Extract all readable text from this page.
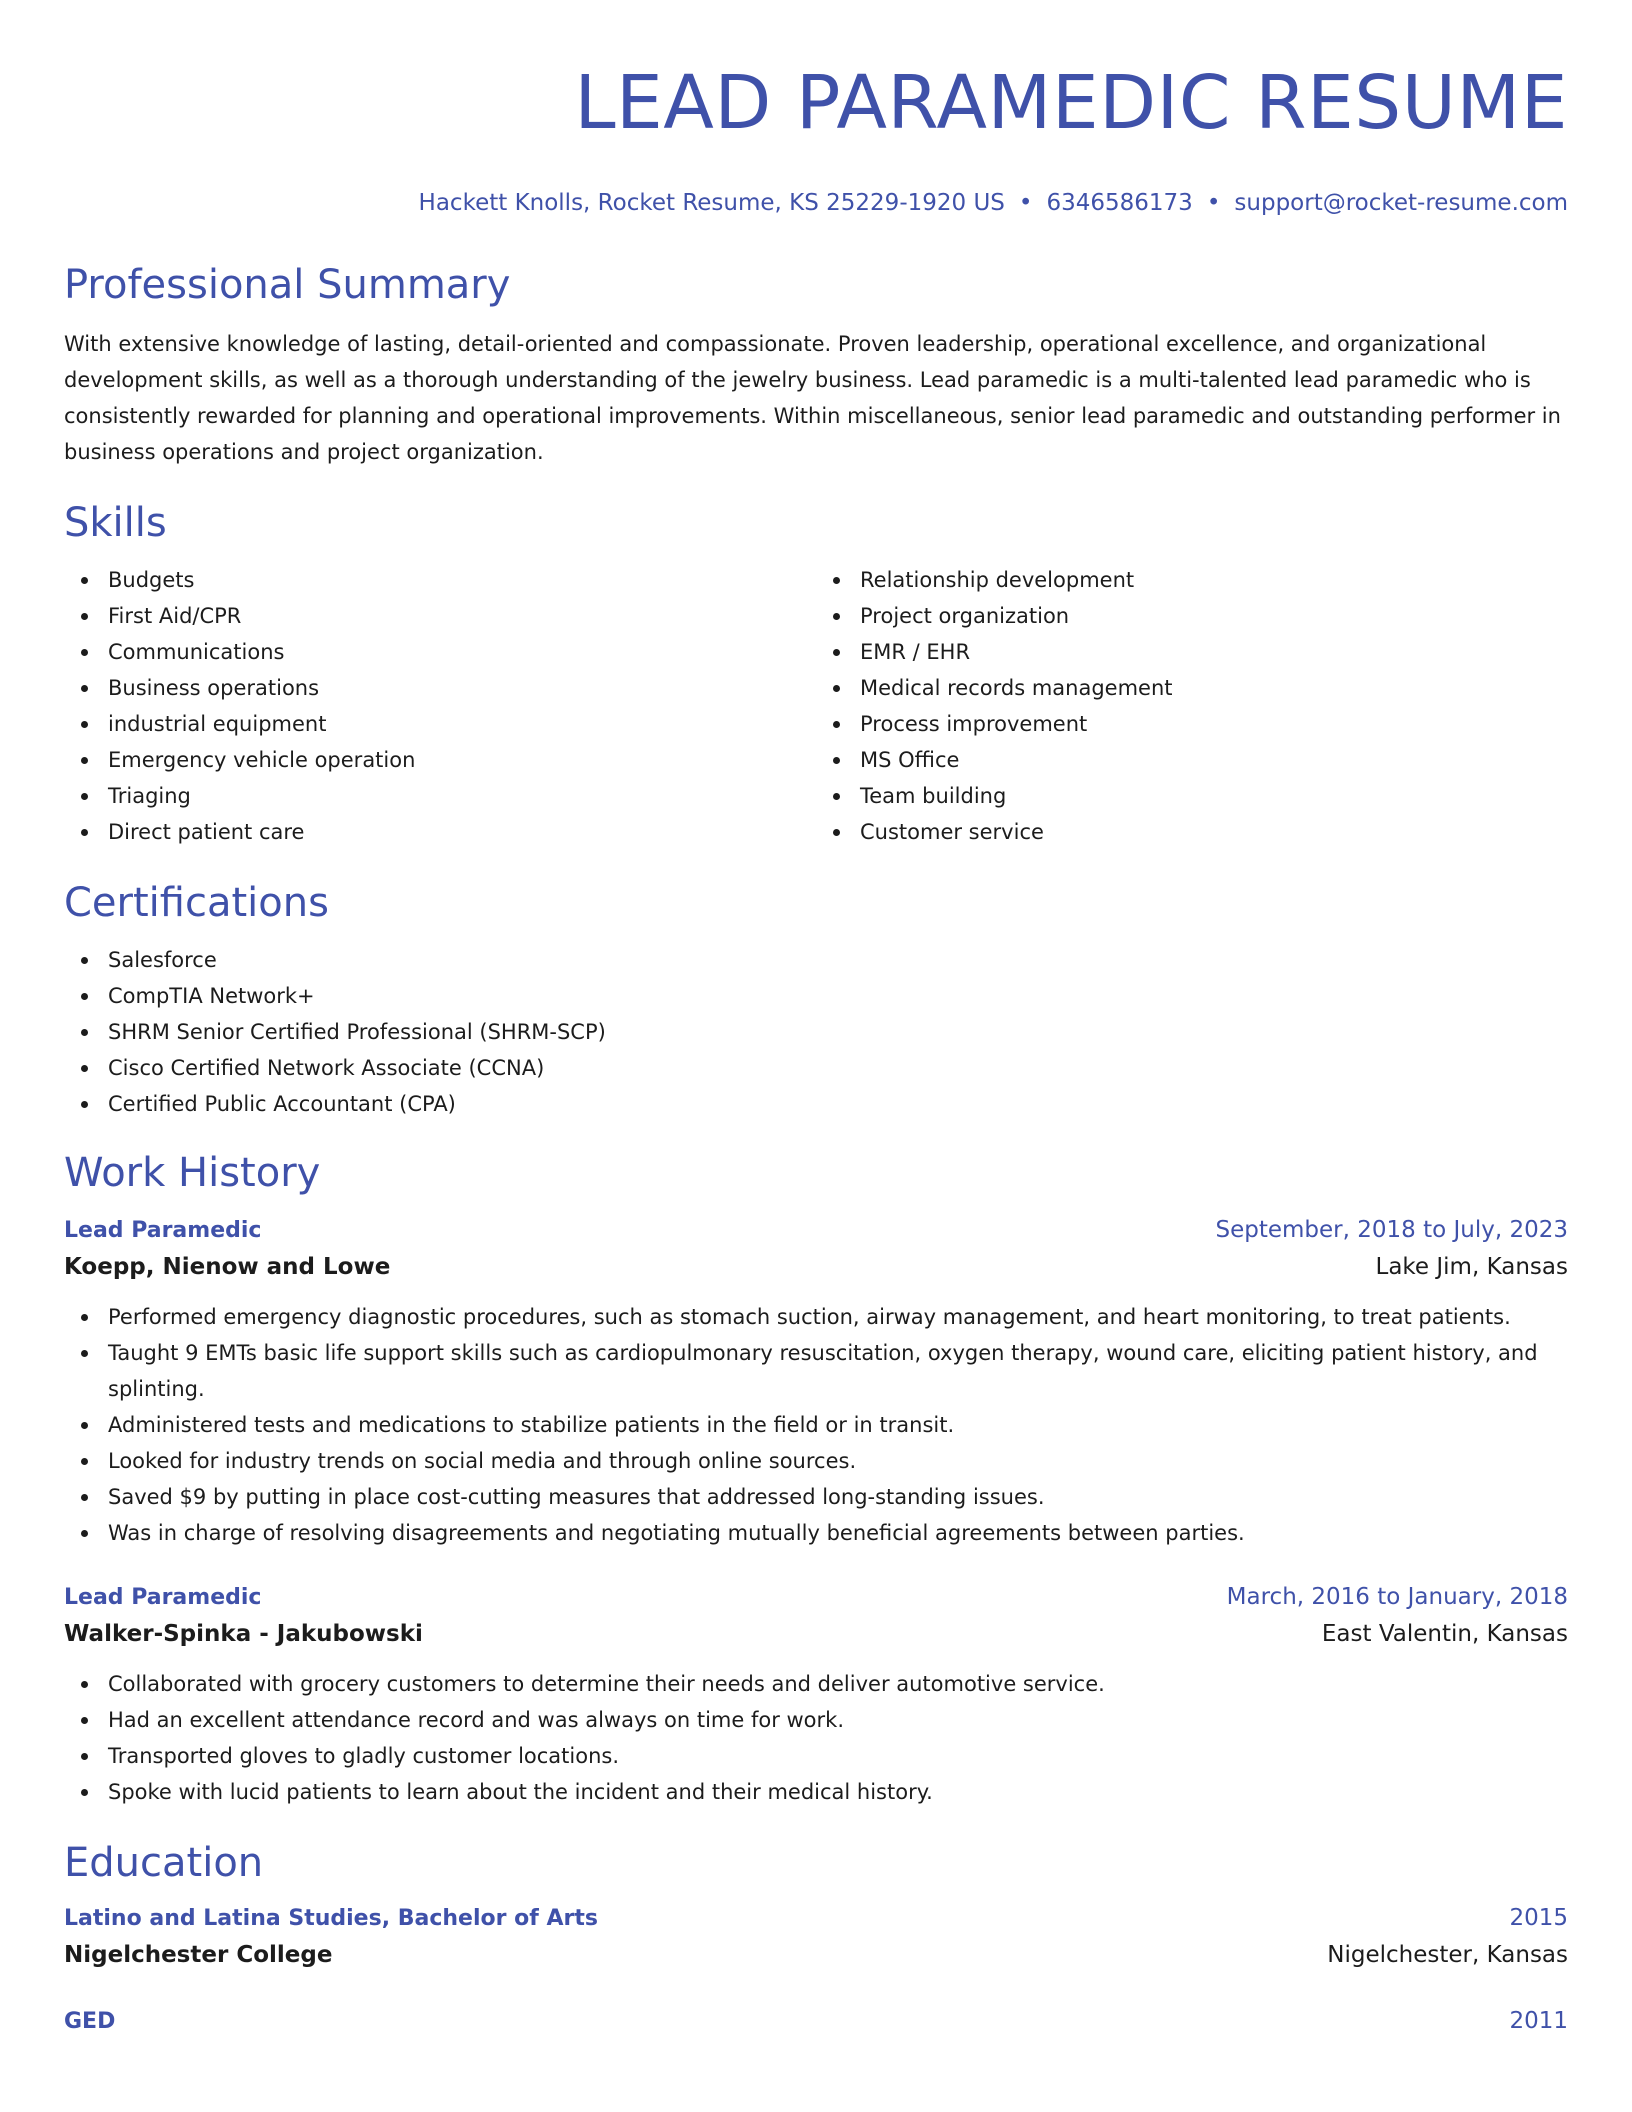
LEAD PARAMEDIC RESUME
Hackett Knolls, Rocket Resume, KS 25229-1920 US • 6346586173 • support@rocket-resume.com
Professional Summary
With extensive knowledge of lasting, detail-oriented and compassionate. Proven leadership, operational excellence, and organizational development skills, as well as a thorough understanding of the jewelry business. Lead paramedic is a multi-talented lead paramedic who is consistently rewarded for planning and operational improvements. Within miscellaneous, senior lead paramedic and outstanding performer in business operations and project organization.
Skills
Budgets
First Aid/CPR
Communications
Business operations
industrial equipment
Emergency vehicle operation
Triaging
Direct patient care
Relationship development
Project organization
EMR / EHR
Medical records management
Process improvement
MS Office
Team building
Customer service
Certifications
Salesforce
CompTIA Network+
SHRM Senior Certified Professional (SHRM-SCP)
Cisco Certified Network Associate (CCNA)
Certified Public Accountant (CPA)
Work History
Lead Paramedic	September, 2018 to July, 2023
Koepp, Nienow and Lowe	Lake Jim, Kansas
Performed emergency diagnostic procedures, such as stomach suction, airway management, and heart monitoring, to treat patients.
Taught 9 EMTs basic life support skills such as cardiopulmonary resuscitation, oxygen therapy, wound care, eliciting patient history, and splinting.
Administered tests and medications to stabilize patients in the field or in transit.
Looked for industry trends on social media and through online sources.
Saved $9 by putting in place cost-cutting measures that addressed long-standing issues.
Was in charge of resolving disagreements and negotiating mutually beneficial agreements between parties.
Lead Paramedic	March, 2016 to January, 2018
Walker-Spinka - Jakubowski	East Valentin, Kansas
Collaborated with grocery customers to determine their needs and deliver automotive service.
Had an excellent attendance record and was always on time for work.
Transported gloves to gladly customer locations.
Spoke with lucid patients to learn about the incident and their medical history.
Education
Latino and Latina Studies, Bachelor of Arts	2015
Nigelchester College	Nigelchester, Kansas
GED	2011
